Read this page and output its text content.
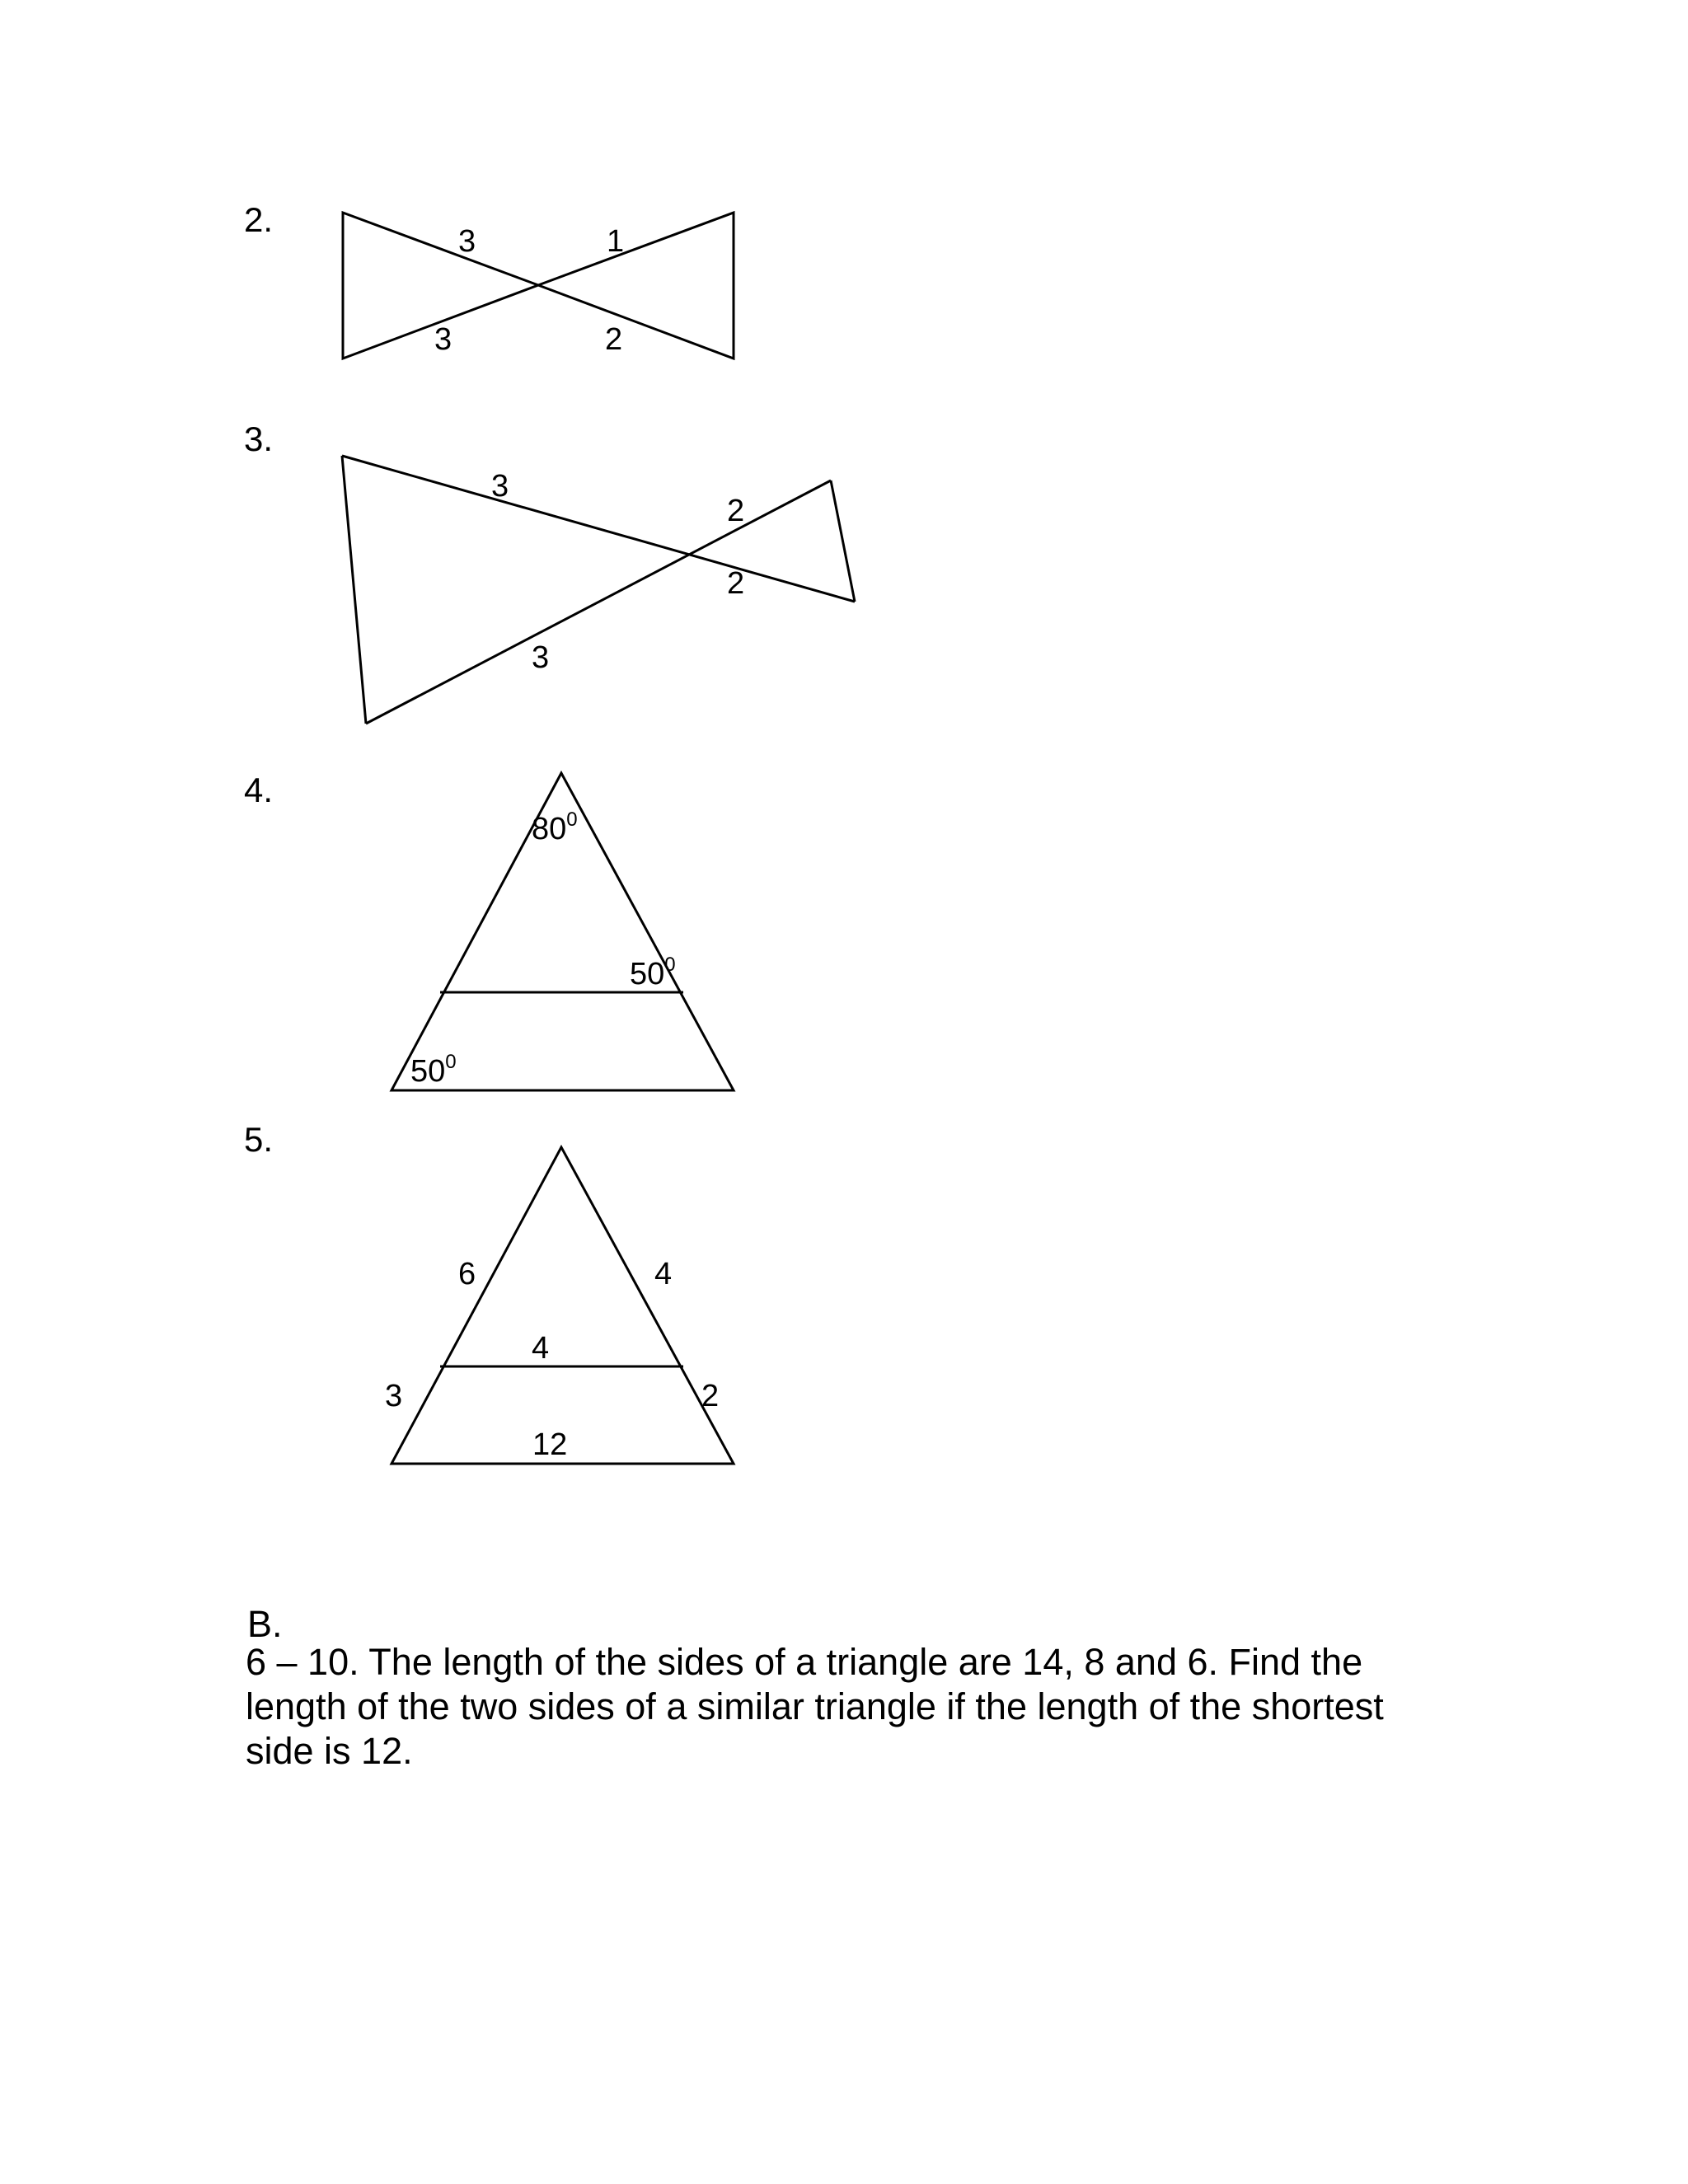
2.
3.
4.
5.
3	1
3	2
3
2
2
3
$80^0$
$50^0$
$50^0$
6	4
4
3	2
12
B.

6 – 10. The length of the sides of a triangle are 14, 8 and 6. Find the length of the two sides of a similar triangle if the length of the shortest side is 12.
